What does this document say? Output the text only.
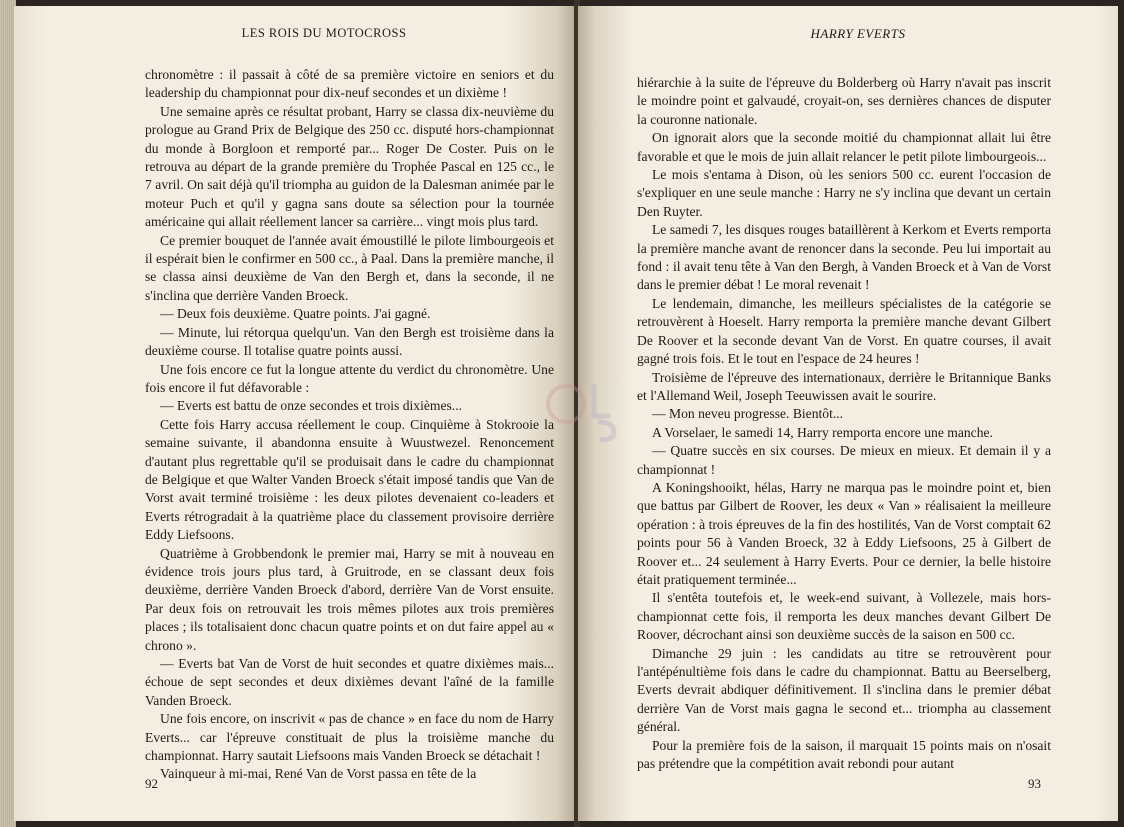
LES ROIS DU MOTOCROSS

chronomètre : il passait à côté de sa première victoire en seniors et du leadership du championnat pour dix-neuf secondes et un dixième !

Une semaine après ce résultat probant, Harry se classa dix-neuvième du prologue au Grand Prix de Belgique des 250 cc. disputé hors-championnat du monde à Borgloon et remporté par... Roger De Coster. Puis on le retrouva au départ de la grande première du Trophée Pascal en 125 cc., le 7 avril. On sait déjà qu'il triompha au guidon de la Dalesman animée par le moteur Puch et qu'il y gagna sans doute sa sélection pour la tournée américaine qui allait réellement lancer sa carrière... vingt mois plus tard.

Ce premier bouquet de l'année avait émoustillé le pilote limbourgeois et il espérait bien le confirmer en 500 cc., à Paal. Dans la première manche, il se classa ainsi deuxième de Van den Bergh et, dans la seconde, il ne s'inclina que derrière Vanden Broeck.

— Deux fois deuxième. Quatre points. J'ai gagné.

— Minute, lui rétorqua quelqu'un. Van den Bergh est troisième dans la deuxième course. Il totalise quatre points aussi.

Une fois encore ce fut la longue attente du verdict du chronomètre. Une fois encore il fut défavorable :

— Everts est battu de onze secondes et trois dixièmes...

Cette fois Harry accusa réellement le coup. Cinquième à Stokrooie la semaine suivante, il abandonna ensuite à Wuustwezel. Renoncement d'autant plus regrettable qu'il se produisait dans le cadre du championnat de Belgique et que Walter Vanden Broeck s'était imposé tandis que Van de Vorst avait terminé troisième : les deux pilotes devenaient co-leaders et Everts rétrogradait à la quatrième place du classement provisoire derrière Eddy Liefsoons.

Quatrième à Grobbendonk le premier mai, Harry se mit à nouveau en évidence trois jours plus tard, à Gruitrode, en se classant deux fois deuxième, derrière Vanden Broeck d'abord, derrière Van de Vorst ensuite. Par deux fois on retrouvait les trois mêmes pilotes aux trois premières places ; ils totalisaient donc chacun quatre points et on dut faire appel au « chrono ».

— Everts bat Van de Vorst de huit secondes et quatre dixièmes mais... échoue de sept secondes et deux dixièmes devant l'aîné de la famille Vanden Broeck.

Une fois encore, on inscrivit « pas de chance » en face du nom de Harry Everts... car l'épreuve constituait de plus la troisième manche du championnat. Harry sautait Liefsoons mais Vanden Broeck se détachait !

Vainqueur à mi-mai, René Van de Vorst passa en tête de la

92
HARRY EVERTS

hiérarchie à la suite de l'épreuve du Bolderberg où Harry n'avait pas inscrit le moindre point et galvaudé, croyait-on, ses dernières chances de disputer la couronne nationale.

On ignorait alors que la seconde moitié du championnat allait lui être favorable et que le mois de juin allait relancer le petit pilote limbourgeois...

Le mois s'entama à Dison, où les seniors 500 cc. eurent l'occasion de s'expliquer en une seule manche : Harry ne s'y inclina que devant un certain Den Ruyter.

Le samedi 7, les disques rouges bataillèrent à Kerkom et Everts remporta la première manche avant de renoncer dans la seconde. Peu lui importait au fond : il avait tenu tête à Van den Bergh, à Vanden Broeck et à Van de Vorst dans le premier débat ! Le moral revenait !

Le lendemain, dimanche, les meilleurs spécialistes de la catégorie se retrouvèrent à Hoeselt. Harry remporta la première manche devant Gilbert De Roover et la seconde devant Van de Vorst. En quatre courses, il avait gagné trois fois. Et le tout en l'espace de 24 heures !

Troisième de l'épreuve des internationaux, derrière le Britannique Banks et l'Allemand Weil, Joseph Teeuwissen avait le sourire.

— Mon neveu progresse. Bientôt...

A Vorselaer, le samedi 14, Harry remporta encore une manche.

— Quatre succès en six courses. De mieux en mieux. Et demain il y a championnat !

A Koningshooikt, hélas, Harry ne marqua pas le moindre point et, bien que battus par Gilbert de Roover, les deux « Van » réalisaient la meilleure opération : à trois épreuves de la fin des hostilités, Van de Vorst comptait 62 points pour 56 à Vanden Broeck, 32 à Eddy Liefsoons, 25 à Gilbert de Roover et... 24 seulement à Harry Everts. Pour ce dernier, la belle histoire était pratiquement terminée...

Il s'entêta toutefois et, le week-end suivant, à Vollezele, mais hors-championnat cette fois, il remporta les deux manches devant Gilbert De Roover, décrochant ainsi son deuxième succès de la saison en 500 cc.

Dimanche 29 juin : les candidats au titre se retrouvèrent pour l'antépénultième fois dans le cadre du championnat. Battu au Beerselberg, Everts devrait abdiquer définitivement. Il s'inclina dans le premier débat derrière Van de Vorst mais gagna le second et... triompha au classement général.

Pour la première fois de la saison, il marquait 15 points mais on n'osait pas prétendre que la compétition avait rebondi pour autant

93
